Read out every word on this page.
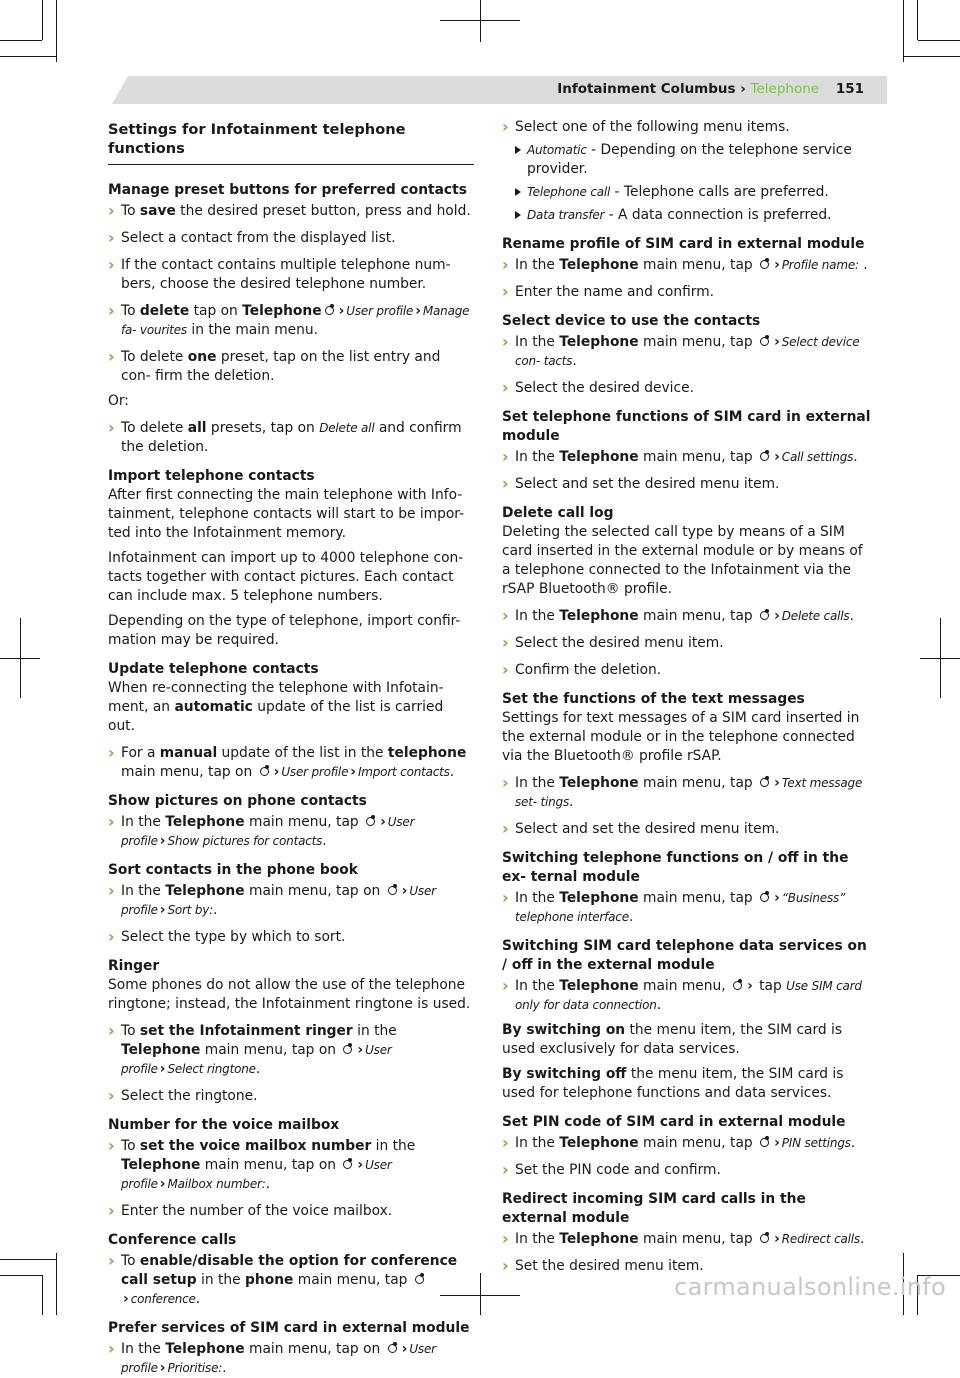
Infotainment Columbus › Telephone 151
Settings for Infotainment telephone functions
Manage preset buttons for preferred contacts
› To save the desired preset button, press and hold.
› Select a contact from the displayed list.
› If the contact contains multiple telephone num- bers, choose the desired telephone number.
› To delete tap on Telephone › User profile › Manage fa- vourites in the main menu.
› To delete one preset, tap on the list entry and con- firm the deletion.
Or:
› To delete all presets, tap on Delete all and confirm the deletion.
Import telephone contacts
After first connecting the main telephone with Info- tainment, telephone contacts will start to be impor- ted into the Infotainment memory.
Infotainment can import up to 4000 telephone con- tacts together with contact pictures. Each contact can include max. 5 telephone numbers.
Depending on the type of telephone, import confir- mation may be required.
Update telephone contacts
When re-connecting the telephone with Infotain- ment, an automatic update of the list is carried out.
› For a manual update of the list in the telephone main menu, tap on › User profile › Import contacts.
Show pictures on phone contacts
› In the Telephone main menu, tap › User profile › Show pictures for contacts.
Sort contacts in the phone book
› In the Telephone main menu, tap on › User profile › Sort by:.
› Select the type by which to sort.
Ringer
Some phones do not allow the use of the telephone ringtone; instead, the Infotainment ringtone is used.
› To set the Infotainment ringer in the Telephone main menu, tap on › User profile › Select ringtone.
› Select the ringtone.
Number for the voice mailbox
› To set the voice mailbox number in the Telephone main menu, tap on › User profile › Mailbox number:.
› Enter the number of the voice mailbox.
Conference calls
› To enable/disable the option for conference call setup in the phone main menu, tap › conference.
Prefer services of SIM card in external module
› In the Telephone main menu, tap on › User profile › Prioritise:.
› Select one of the following menu items.
Automatic - Depending on the telephone service provider.
Telephone call - Telephone calls are preferred.
Data transfer - A data connection is preferred.
Rename profile of SIM card in external module
› In the Telephone main menu, tap › Profile name: .
› Enter the name and confirm.
Select device to use the contacts
› In the Telephone main menu, tap › Select device con- tacts.
› Select the desired device.
Set telephone functions of SIM card in external module
› In the Telephone main menu, tap › Call settings.
› Select and set the desired menu item.
Delete call log
Deleting the selected call type by means of a SIM card inserted in the external module or by means of a telephone connected to the Infotainment via the rSAP Bluetooth® profile.
› In the Telephone main menu, tap › Delete calls.
› Select the desired menu item.
› Confirm the deletion.
Set the functions of the text messages
Settings for text messages of a SIM card inserted in the external module or in the telephone connected via the Bluetooth® profile rSAP.
› In the Telephone main menu, tap › Text message set- tings.
› Select and set the desired menu item.
Switching telephone functions on / off in the ex- ternal module
› In the Telephone main menu, tap › “Business” telephone interface.
Switching SIM card telephone data services on / off in the external module
› In the Telephone main menu, › tap Use SIM card only for data connection.
By switching on the menu item, the SIM card is used exclusively for data services.
By switching off the menu item, the SIM card is used for telephone functions and data services.
Set PIN code of SIM card in external module
› In the Telephone main menu, tap › PIN settings.
› Set the PIN code and confirm.
Redirect incoming SIM card calls in the external module
› In the Telephone main menu, tap › Redirect calls.
› Set the desired menu item.
carmanualsonline.info
